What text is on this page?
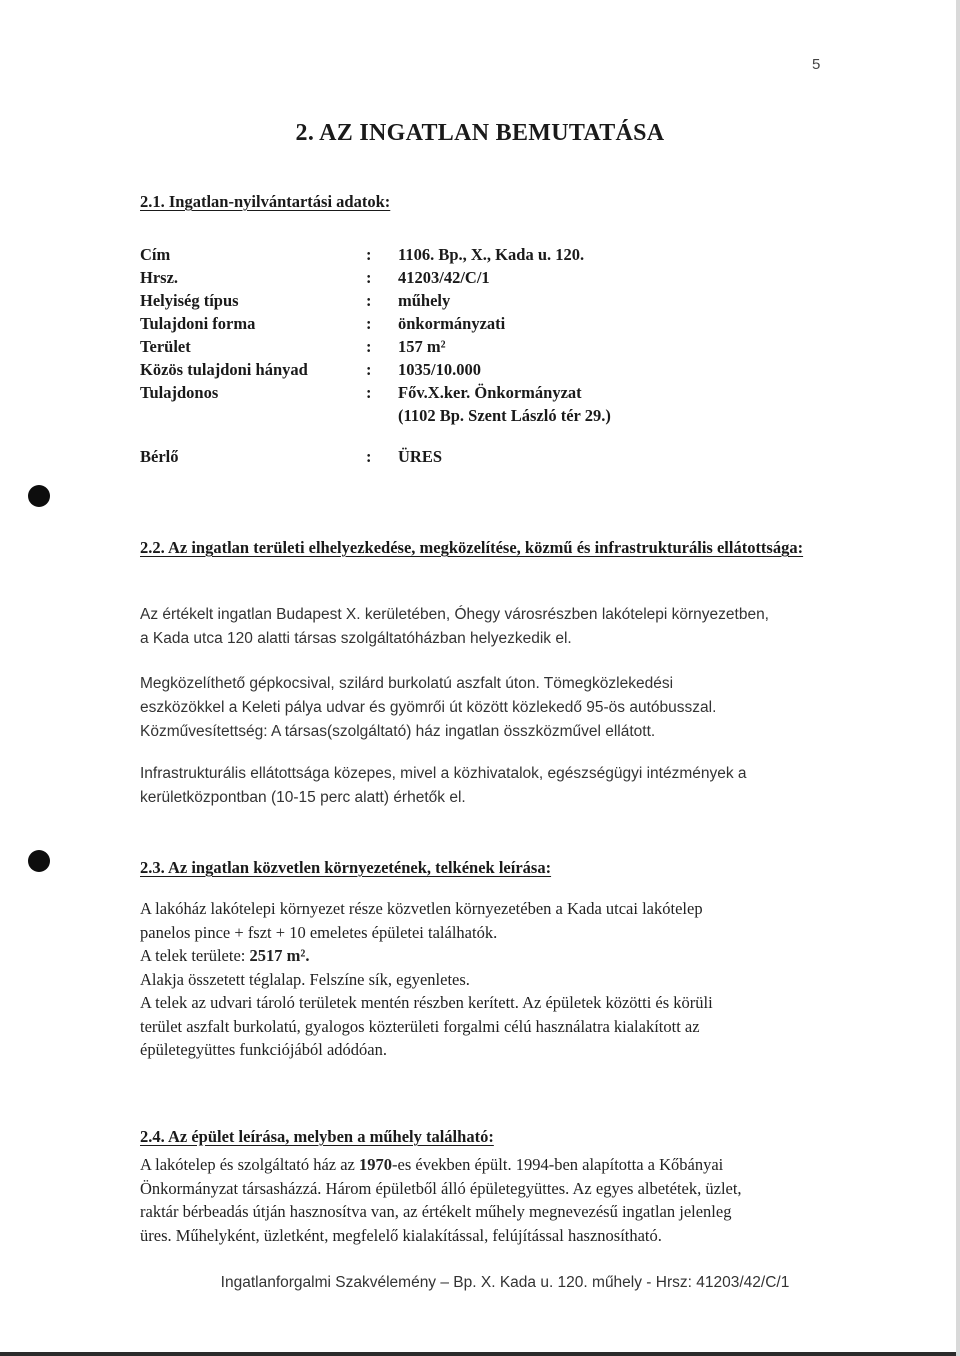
5
2. AZ INGATLAN BEMUTATÁSA
2.1. Ingatlan-nyilvántartási adatok:
Cím	:	1106. Bp., X., Kada u. 120.
Hrsz.	:	41203/42/C/1
Helyiség típus	:	műhely
Tulajdoni forma	:	önkormányzati
Terület	:	157 m²
Közös tulajdoni hányad	:	1035/10.000
Tulajdonos	:	Főv.X.ker. Önkormányzat
(1102 Bp. Szent László tér 29.)
Bérlő	:	ÜRES
2.2. Az ingatlan területi elhelyezkedése, megközelítése, közmű és infrastrukturális ellátottsága:
Az értékelt ingatlan Budapest X. kerületében, Óhegy városrészben lakótelepi környezetben,
a Kada utca 120 alatti társas szolgáltatóházban helyezkedik el.
Megközelíthető gépkocsival, szilárd burkolatú aszfalt úton. Tömegközlekedési
eszközökkel a Keleti pálya udvar és gyömrői út között közlekedő 95-ös autóbusszal.
Közművesítettség: A társas(szolgáltató) ház ingatlan összközművel ellátott.
Infrastrukturális ellátottsága közepes, mivel a közhivatalok, egészségügyi intézmények a
kerületközpontban (10-15 perc alatt) érhetők el.
2.3. Az ingatlan közvetlen környezetének, telkének leírása:
A lakóház lakótelepi környezet része közvetlen környezetében a Kada utcai lakótelep
panelos pince + fszt + 10 emeletes épületei találhatók.
A telek területe: 2517 m².
Alakja összetett téglalap. Felszíne sík, egyenletes.
A telek az udvari tároló területek mentén részben kerített. Az épületek közötti és körüli
terület aszfalt burkolatú, gyalogos közterületi forgalmi célú használatra kialakított az
épületegyüttes funkciójából adódóan.
2.4. Az épület leírása, melyben a műhely található:
A lakótelep és szolgáltató ház az 1970-es években épült. 1994-ben alapította a Kőbányai
Önkormányzat társasházzá. Három épületből álló épületegyüttes. Az egyes albetétek, üzlet,
raktár bérbeadás útján hasznosítva van, az értékelt műhely megnevezésű ingatlan jelenleg
üres. Műhelyként, üzletként, megfelelő kialakítással, felújítással hasznosítható.
Ingatlanforgalmi Szakvélemény – Bp. X. Kada u. 120. műhely - Hrsz: 41203/42/C/1
